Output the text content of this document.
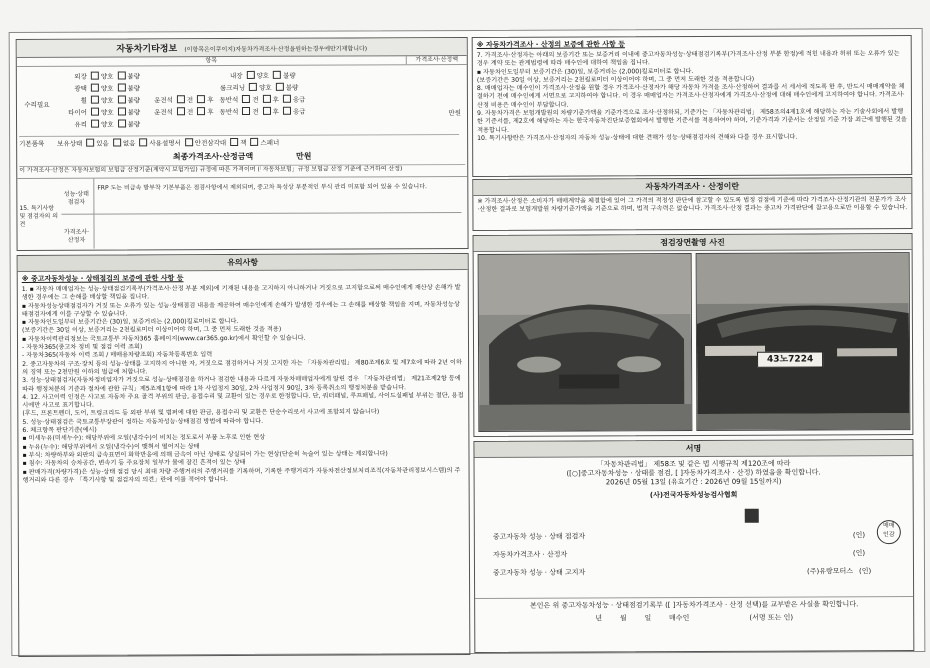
자동차기타정보 (이항목은이쿠이지)자동차가격조사·산정을원하는경우에만기재합니다)
항목	가격조사·산정액
수리필요
만원
외장 양호 불량	내장 양호 불량
광택 양호 불량	룸크리닝 양호 불량
휠 양호 불량 운전석 전 후 동반석 전 후 응급
타이어 양호 불량 운전석 전 후 동반석 전 후 응급
유리 양호 불량
기본품목	보유상태 있음 없음 사용설명서 안전삼각대 잭 스패너
최종가격조사·산정금액	만원
이 가격조사·산정은 자동차보험의 보험금 산정기준(계약시 보험가입) 규정에 따른 가격이며 (「자동차보험」규정 보험금 산정 기준에 근거하여 산정)
15. 특기사항 및 점검자의 의견
성능·상태 점검자
FRP 도는 비금속 발부착 기본부품은 점검사항에서 제외되며, 중고차 특성상 부분적인 부식 관리 미포함 되어 있을 수 있습니다.
가격조사·산정자
유의사항
※ 중고자동차성능 · 상태점검의 보증에 관한 사항 등

1. ▪ 자동차 매매업자는 성능·상태점검기록부(가격조사·산정 부분 제외)에 기재된 내용을 고지하지 아니하거나 거짓으로 고지함으로써 매수인에게 재산상 손해가 발생한 경우에는 그 손해를 배상할 책임을 집니다.

▪ 자동차성능상태점검자가 거짓 또는 오류가 있는 성능·상태점검 내용을 제공하여 매수인에게 손해가 발생한 경우에는 그 손해를 배상할 책임을 지며, 자동차성능상태점검자에게 이를 구상할 수 있습니다.

▪ 자동차인도일부터 보증기간은 (30)일, 보증거리는 (2,000)킬로미터로 합니다.

(보증기간은 30일 이상, 보증거리는 2천킬로미터 이상이어야 하며, 그 중 먼저 도래한 것을 적용)

▪ 자동차이력관리정보는 국토교통부 자동차365 홈페이지(www.car365.go.kr)에서 확인할 수 있습니다.

- 자동차365(중고차 정비 및 점검 이력 조회)

- 자동차365(자동차 이력 조회 / 매매용차량조회) 자동차등록번호 입력

2. 중고자동차의 구조·장치 등의 성능·상태를 고지하지 아니한 자, 거짓으로 점검하거나 거짓 고지한 자는 「자동차관리법」 제80조제6호 및 제7호에 따라 2년 이하의 징역 또는 2천만원 이하의 벌금에 처합니다.

3. 성능·상태점검자(자동차정비업자가 거짓으로 성능·상태점검을 하거나 점검한 내용과 다르게 자동차매매업자에게 알린 경우 「자동차관리법」 제21조제2항 등에 따라 행정처분의 기준과 절차에 관한 규칙」제5조제1항에 따라 1차 사업정지 30일, 2차 사업정지 90일, 3차 등록취소의 행정처분을 받습니다.

4. 12. 사고이력 인정은 사고로 자동차 주요 골격 부위의 판금, 용접수리 및 교환이 있는 경우로 한정합니다. 단, 쿼터패널, 루프패널, 사이드실패널 부위는 절단, 용접 시에만 사고로 표기합니다.

(후드, 프론트펜더, 도어, 트렁크리드 등 외판 부위 및 범퍼에 대한 판금, 용접수리 및 교환은 단순수리로서 사고에 포함되지 않습니다)

5. 성능·상태점검은 국토교통부장관이 정하는 자동차성능·상태점검 방법에 따라야 합니다.

6. 체크항목 판단기준(예시)

▪ 미세누유(미세누수): 해당부위에 오일(냉각수)이 비치는 정도로서 부품 노후로 인한 현상

▪ 누유(누수): 해당부위에서 오일(냉각수)이 맺혀서 떨어지는 상태

▪ 부식: 차량하부와 외판의 금속표면이 화학반응에 의해 금속이 아닌 상태로 상실되어 가는 현상(단순히 녹슬어 있는 상태는 제외합니다)

▪ 침수: 자동차의 승차공간, 변속기 등 주요장치 일부가 물에 잠긴 흔적이 있는 상태

▪ 판매가격(차량가격)은 성능·상태 점검 당시 최대 차량 주행거리의 주행거리를 기록하며, 기록한 주행거리가 자동차전산정보처리조직(자동차관리정보시스템)의 주행거리와 다른 경우 「특기사항 및 점검자의 의견」란에 이를 적어야 합니다.

※ 자동차가격조사 · 산정의 보증에 관한 사항 등

7. 가격조사·산정자는 아래의 보증기간 또는 보증거리 이내에 중고자동차성능·상태점검기록부(가격조사·산정 부분 한정)에 적힌 내용과 허위 또는 오류가 있는 경우 계약 또는 관계법령에 따라 매수인에 대하여 책임을 집니다.

▪ 자동차인도일부터 보증기간은 (30)일, 보증거리는 (2,000)킬로미터로 합니다.

(보증기간은 30일 이상, 보증거리는 2천킬로미터 이상이어야 하며, 그 중 먼저 도래한 것을 적용합니다)

8. 매매업자는 매수인이 가격조사·산정을 원할 경우 가격조사·산정자가 해당 자동차 가격을 조사·산정하여 결과를 서 세서에 적도록 한 후, 반드시 매매계약을 체결하기 전에 매수인에게 서면으로 고지하여야 합니다. 이 경우 매매업자는 가격조사·산정자에게 가격조사·산정에 대해 매수인에게 고지하여야 합니다. 가격조사·산정 비용은 매수인이 부담합니다.

9. 자동차가격은 보험개발원의 차량기준가액을 기준가격으로 조사·산정하되, 기준가는 「자동차관리법」 제58조의4제1호에 해당하는 자는 기술사회에서 발행한 기준서를, 제2호에 해당하는 자는 한국자동차진단보증협회에서 발행한 기준서를 적용하여야 하며, 기준가격과 기준서는 산정일 기준 가장 최근에 발행된 것을 적용합니다.

10. 특기사항란은 가격조사·산정자의 자동차 성능·상태에 대한 견해가 성능·상태점검자의 견해와 다를 경우 표시합니다.

자동차가격조사 · 산정이란

※ 가격조사·산정은 소비자가 매매계약을 체결함에 있어 그 가격의 적정성 판단에 참고할 수 있도록 법정 검점에 기준에 따라 가격조사·산정기관의 전문가가 조사·산정한 결과로 보험개발원 차량기준가액을 기준으로 하며, 법적 구속력은 없습니다. 가격조사·산정 결과는 중고차 가격판단에 참고용으로만 이용할 수 있습니다.

점검장면촬영 사진
43노7224
서명
「자동차관리법」 제58조 및 같은 법 시행규칙 제120조에 따라
([○]중고자동차성능 · 상태를 점검, [ ]자동차가격조사 · 산정) 하였음을 확인합니다.
2026년 05월 13일 (유효기간 : 2026년 09월 15일까지)
(사)전국자동차성능검사협회
중고자동차 성능 · 상태 점검자	(인)
자동차가격조사 · 산정자	(인)
중고자동차 성능 · 상태 고지자	(주)유랑모터스 (인)
매매
인감
본인은 위 중고자동차성능 · 상태점검기록부 ([ ]자동차가격조사 · 산정 선택)를 교부받은 사실을 확인합니다.
년        월        일        매수인	(서명 또는 인)
